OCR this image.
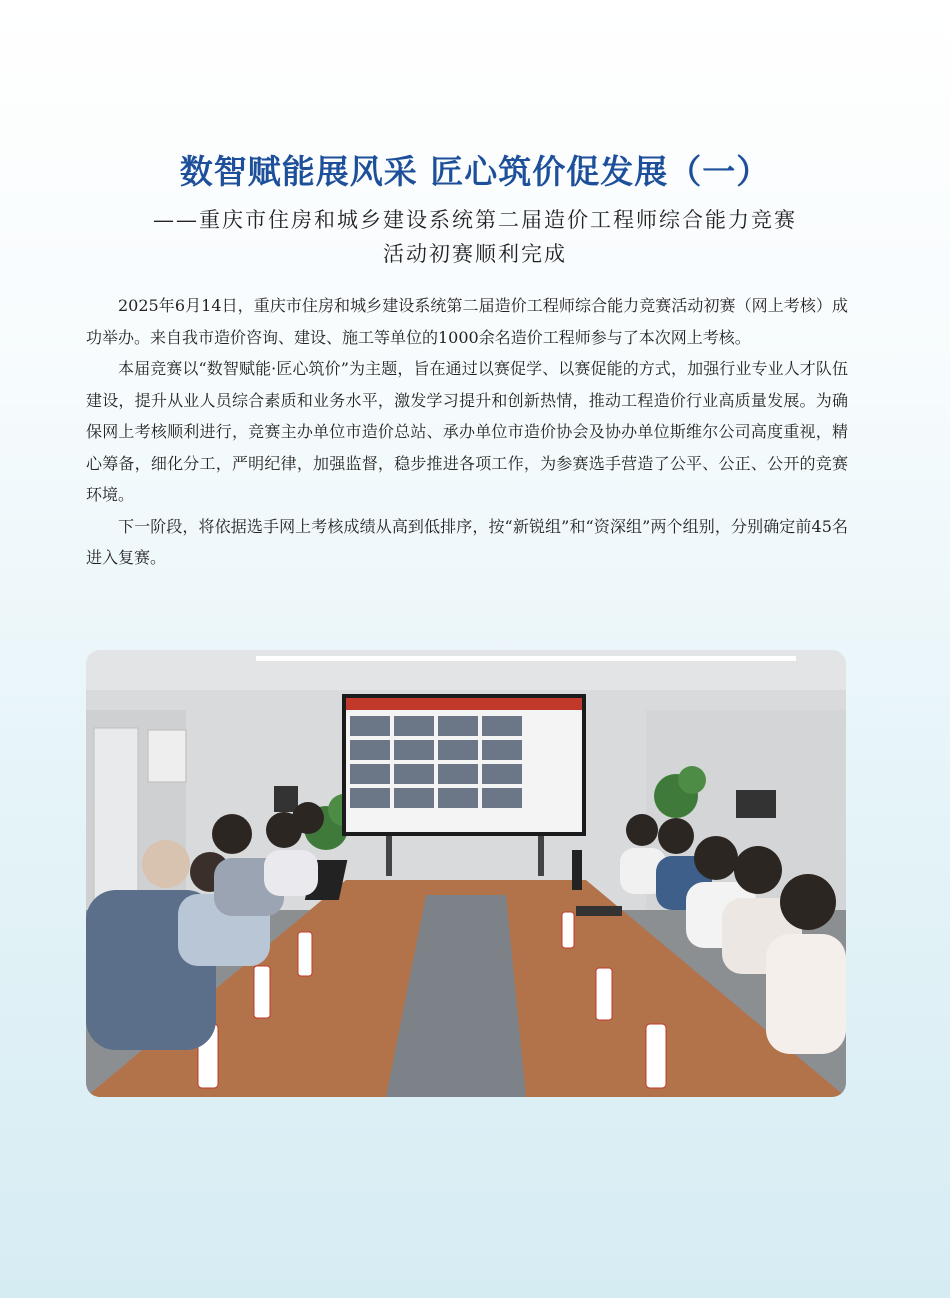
数智赋能展风采 匠心筑价促发展（一）
——重庆市住房和城乡建设系统第二届造价工程师综合能力竞赛
活动初赛顺利完成

2025年6月14日，重庆市住房和城乡建设系统第二届造价工程师综合能力竞赛活动初赛（网上考核）成功举办。来自我市造价咨询、建设、施工等单位的1000余名造价工程师参与了本次网上考核。

本届竞赛以“数智赋能·匠心筑价”为主题，旨在通过以赛促学、以赛促能的方式，加强行业专业人才队伍建设，提升从业人员综合素质和业务水平，激发学习提升和创新热情，推动工程造价行业高质量发展。为确保网上考核顺利进行，竞赛主办单位市造价总站、承办单位市造价协会及协办单位斯维尔公司高度重视，精心筹备，细化分工，严明纪律，加强监督，稳步推进各项工作，为参赛选手营造了公平、公正、公开的竞赛环境。

下一阶段，将依据选手网上考核成绩从高到低排序，按“新锐组”和“资深组”两个组别，分别确定前45名进入复赛。
